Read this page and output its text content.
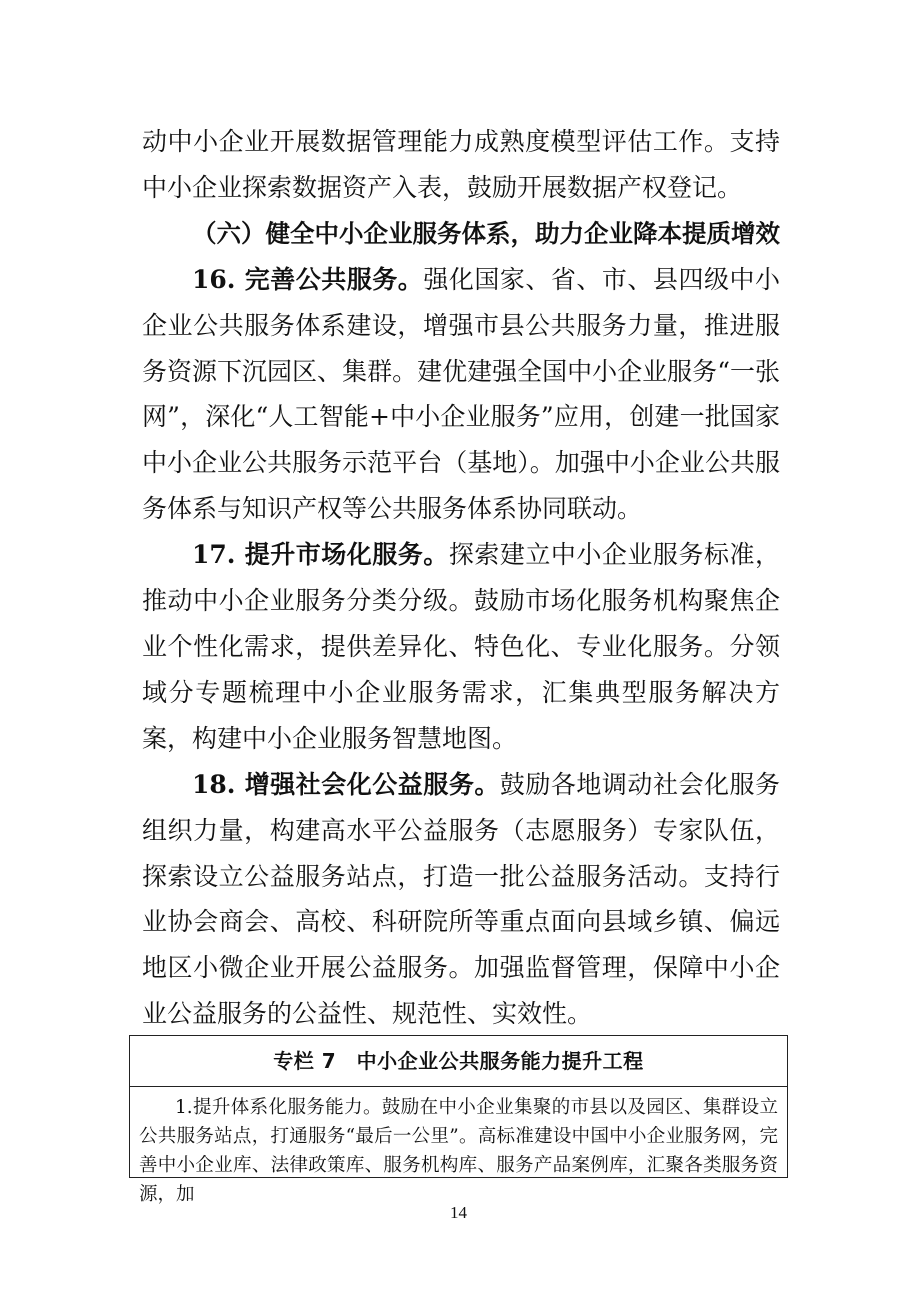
动中小企业开展数据管理能力成熟度模型评估工作。支持中小企业探索数据资产入表，鼓励开展数据产权登记。

（六）健全中小企业服务体系，助力企业降本提质增效

16. 完善公共服务。强化国家、省、市、县四级中小企业公共服务体系建设，增强市县公共服务力量，推进服务资源下沉园区、集群。建优建强全国中小企业服务“一张网”，深化“人工智能+中小企业服务”应用，创建一批国家中小企业公共服务示范平台（基地）。加强中小企业公共服务体系与知识产权等公共服务体系协同联动。

17. 提升市场化服务。探索建立中小企业服务标准，推动中小企业服务分类分级。鼓励市场化服务机构聚焦企业个性化需求，提供差异化、特色化、专业化服务。分领域分专题梳理中小企业服务需求，汇集典型服务解决方案，构建中小企业服务智慧地图。

18. 增强社会化公益服务。鼓励各地调动社会化服务组织力量，构建高水平公益服务（志愿服务）专家队伍，探索设立公益服务站点，打造一批公益服务活动。支持行业协会商会、高校、科研院所等重点面向县域乡镇、偏远地区小微企业开展公益服务。加强监督管理，保障中小企业公益服务的公益性、规范性、实效性。

专栏 7　中小企业公共服务能力提升工程
1.提升体系化服务能力。鼓励在中小企业集聚的市县以及园区、集群设立公共服务站点，打通服务“最后一公里”。高标准建设中国中小企业服务网，完善中小企业库、法律政策库、服务机构库、服务产品案例库，汇聚各类服务资源，加
14
